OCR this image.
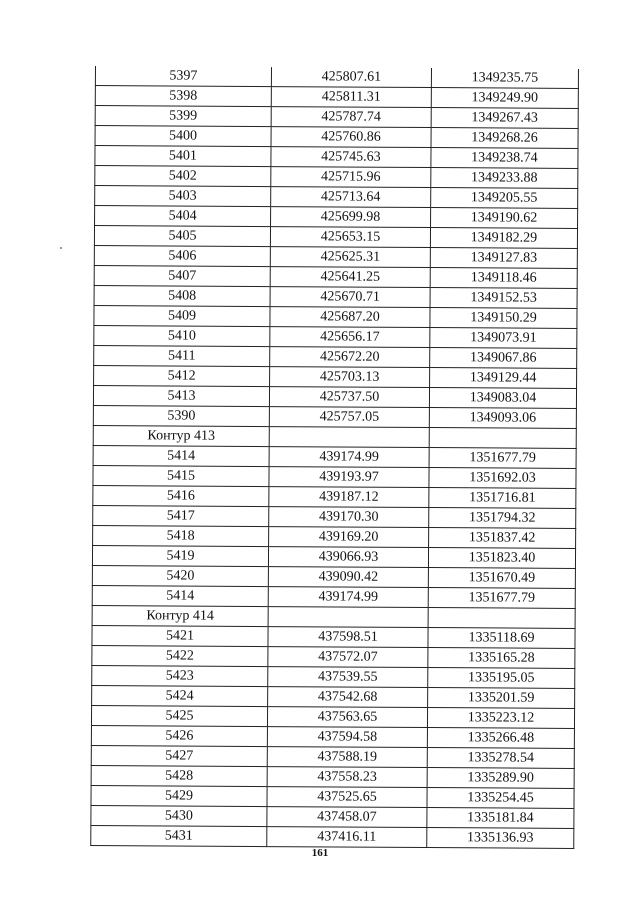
5397	425807.61	1349235.75
5398	425811.31	1349249.90
5399	425787.74	1349267.43
5400	425760.86	1349268.26
5401	425745.63	1349238.74
5402	425715.96	1349233.88
5403	425713.64	1349205.55
5404	425699.98	1349190.62
5405	425653.15	1349182.29
5406	425625.31	1349127.83
5407	425641.25	1349118.46
5408	425670.71	1349152.53
5409	425687.20	1349150.29
5410	425656.17	1349073.91
5411	425672.20	1349067.86
5412	425703.13	1349129.44
5413	425737.50	1349083.04
5390	425757.05	1349093.06
Контур 413		
5414	439174.99	1351677.79
5415	439193.97	1351692.03
5416	439187.12	1351716.81
5417	439170.30	1351794.32
5418	439169.20	1351837.42
5419	439066.93	1351823.40
5420	439090.42	1351670.49
5414	439174.99	1351677.79
Контур 414		
5421	437598.51	1335118.69
5422	437572.07	1335165.28
5423	437539.55	1335195.05
5424	437542.68	1335201.59
5425	437563.65	1335223.12
5426	437594.58	1335266.48
5427	437588.19	1335278.54
5428	437558.23	1335289.90
5429	437525.65	1335254.45
5430	437458.07	1335181.84
5431	437416.11	1335136.93
161
